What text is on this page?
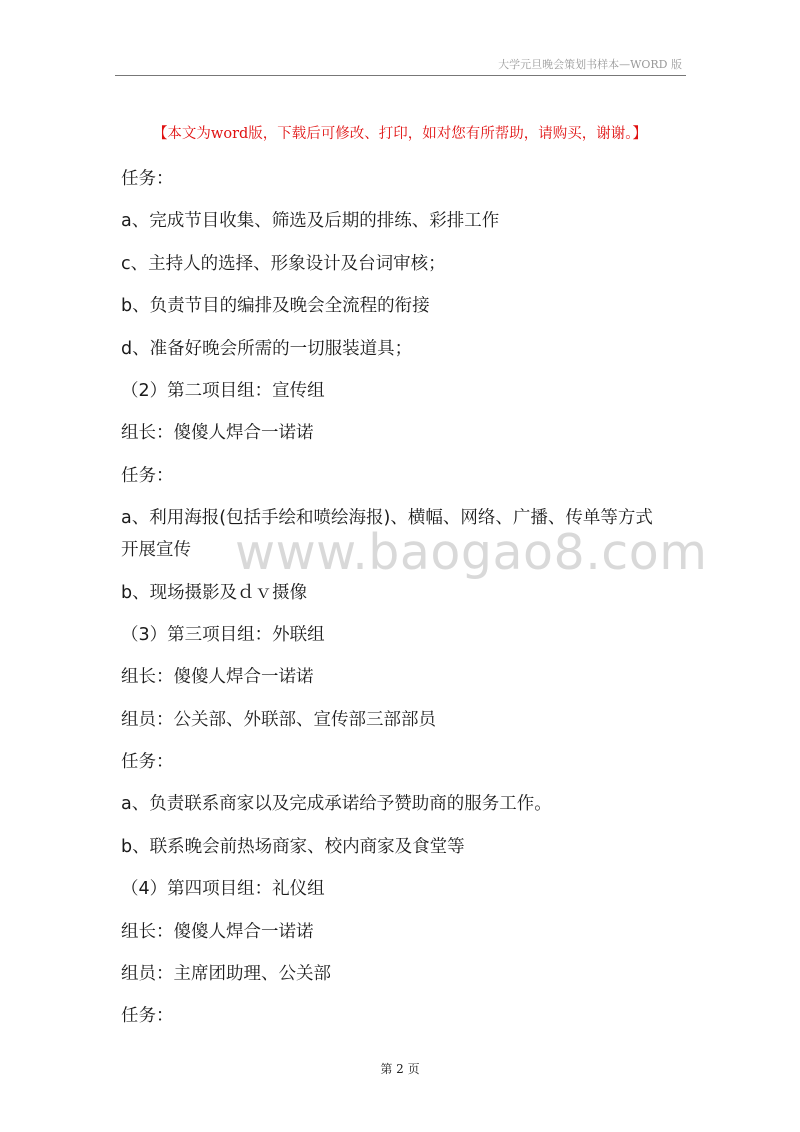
大学元旦晚会策划书样本—WORD 版
【本文为word版，下载后可修改、打印，如对您有所帮助，请购买，谢谢。】

任务：

a、完成节目收集、筛选及后期的排练、彩排工作

c、主持人的选择、形象设计及台词审核；

b、负责节目的编排及晚会全流程的衔接

d、准备好晚会所需的一切服装道具；

（2）第二项目组：宣传组

组长：傻傻人焊合一诺诺

任务：

a、利用海报(包括手绘和喷绘海报)、横幅、网络、广播、传单等方式

开展宣传

b、现场摄影及ｄｖ摄像

（3）第三项目组：外联组

组长：傻傻人焊合一诺诺

组员：公关部、外联部、宣传部三部部员

任务：

a、负责联系商家以及完成承诺给予赞助商的服务工作。

b、联系晚会前热场商家、校内商家及食堂等

（4）第四项目组：礼仪组

组长：傻傻人焊合一诺诺

组员：主席团助理、公关部

任务：

www.baogao8.com
第 2 页
